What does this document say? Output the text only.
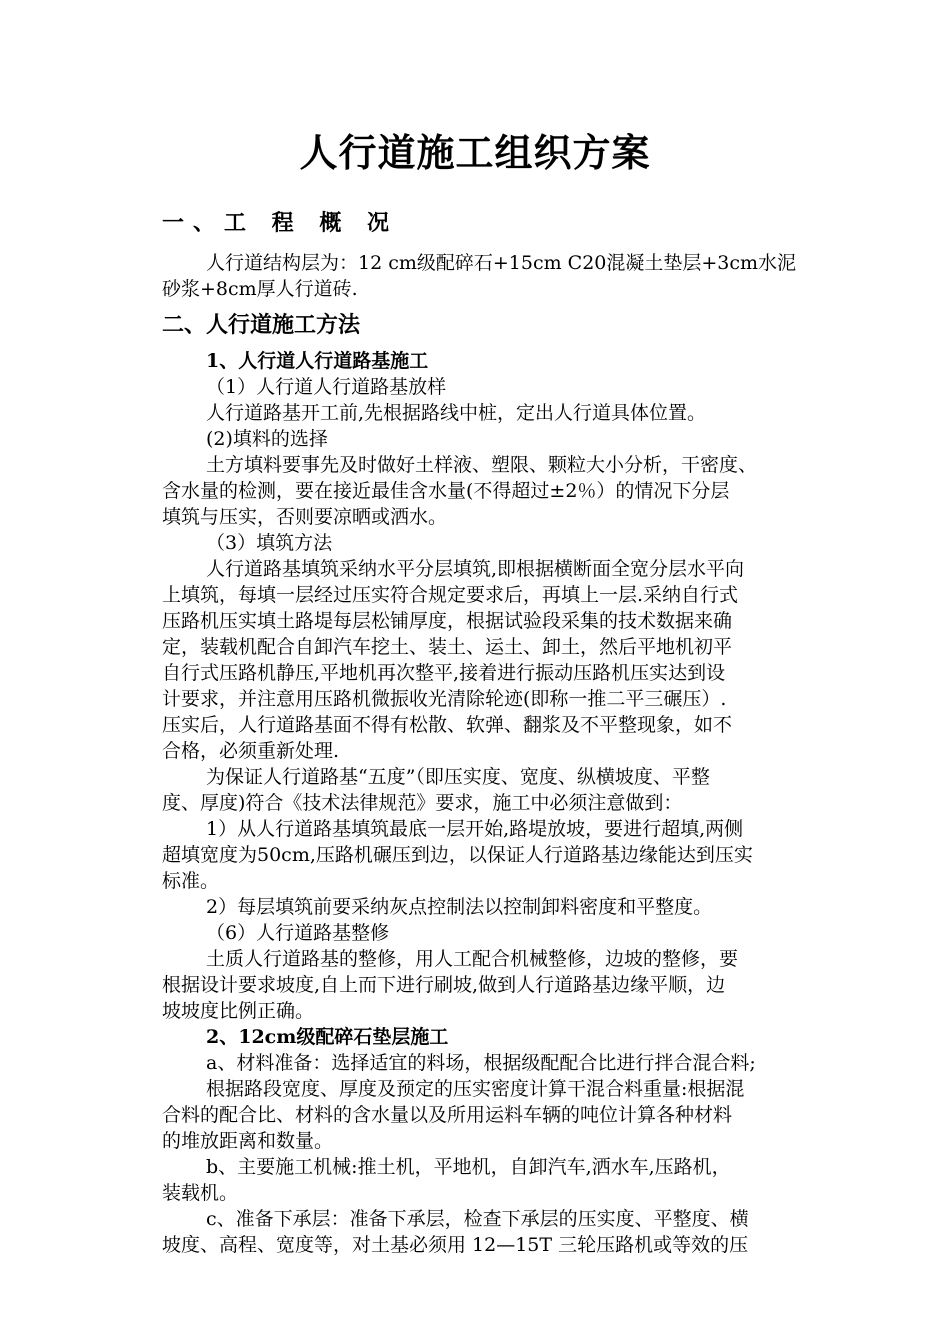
人行道施工组织方案
一、工 程 概 况
人行道结构层为：12 cm级配碎石+15cm C20混凝土垫层+3cm水泥
砂浆+8cm厚人行道砖.
二、人行道施工方法
1、人行道人行道路基施工
（1）人行道人行道路基放样
人行道路基开工前,先根据路线中桩，定出人行道具体位置。
(2)填料的选择
土方填料要事先及时做好土样液、塑限、颗粒大小分析，干密度、
含水量的检测，要在接近最佳含水量(不得超过±2％）的情况下分层
填筑与压实，否则要凉晒或洒水。
（3）填筑方法
人行道路基填筑采纳水平分层填筑,即根据横断面全宽分层水平向
上填筑，每填一层经过压实符合规定要求后，再填上一层.采纳自行式
压路机压实填土路堤每层松铺厚度，根据试验段采集的技术数据来确
定，装载机配合自卸汽车挖土、装土、运土、卸土，然后平地机初平
自行式压路机静压,平地机再次整平,接着进行振动压路机压实达到设
计要求，并注意用压路机微振收光清除轮迹(即称一推二平三碾压）.
压实后，人行道路基面不得有松散、软弹、翻浆及不平整现象，如不
合格，必须重新处理.
为保证人行道路基“五度”（即压实度、宽度、纵横坡度、平整
度、厚度)符合《技术法律规范》要求，施工中必须注意做到：
1）从人行道路基填筑最底一层开始,路堤放坡，要进行超填,两侧
超填宽度为50cm,压路机碾压到边，以保证人行道路基边缘能达到压实
标准。
2）每层填筑前要采纳灰点控制法以控制卸料密度和平整度。
（6）人行道路基整修
土质人行道路基的整修，用人工配合机械整修，边坡的整修，要
根据设计要求坡度,自上而下进行刷坡,做到人行道路基边缘平顺，边
坡坡度比例正确。
2、12cm级配碎石垫层施工
a、材料准备：选择适宜的料场，根据级配配合比进行拌合混合料;
根据路段宽度、厚度及预定的压实密度计算干混合料重量:根据混
合料的配合比、材料的含水量以及所用运料车辆的吨位计算各种材料
的堆放距离和数量。
b、主要施工机械:推土机，平地机，自卸汽车,洒水车,压路机，
装载机。
c、准备下承层：准备下承层，检查下承层的压实度、平整度、横
坡度、高程、宽度等，对土基必须用 12—15T 三轮压路机或等效的压
